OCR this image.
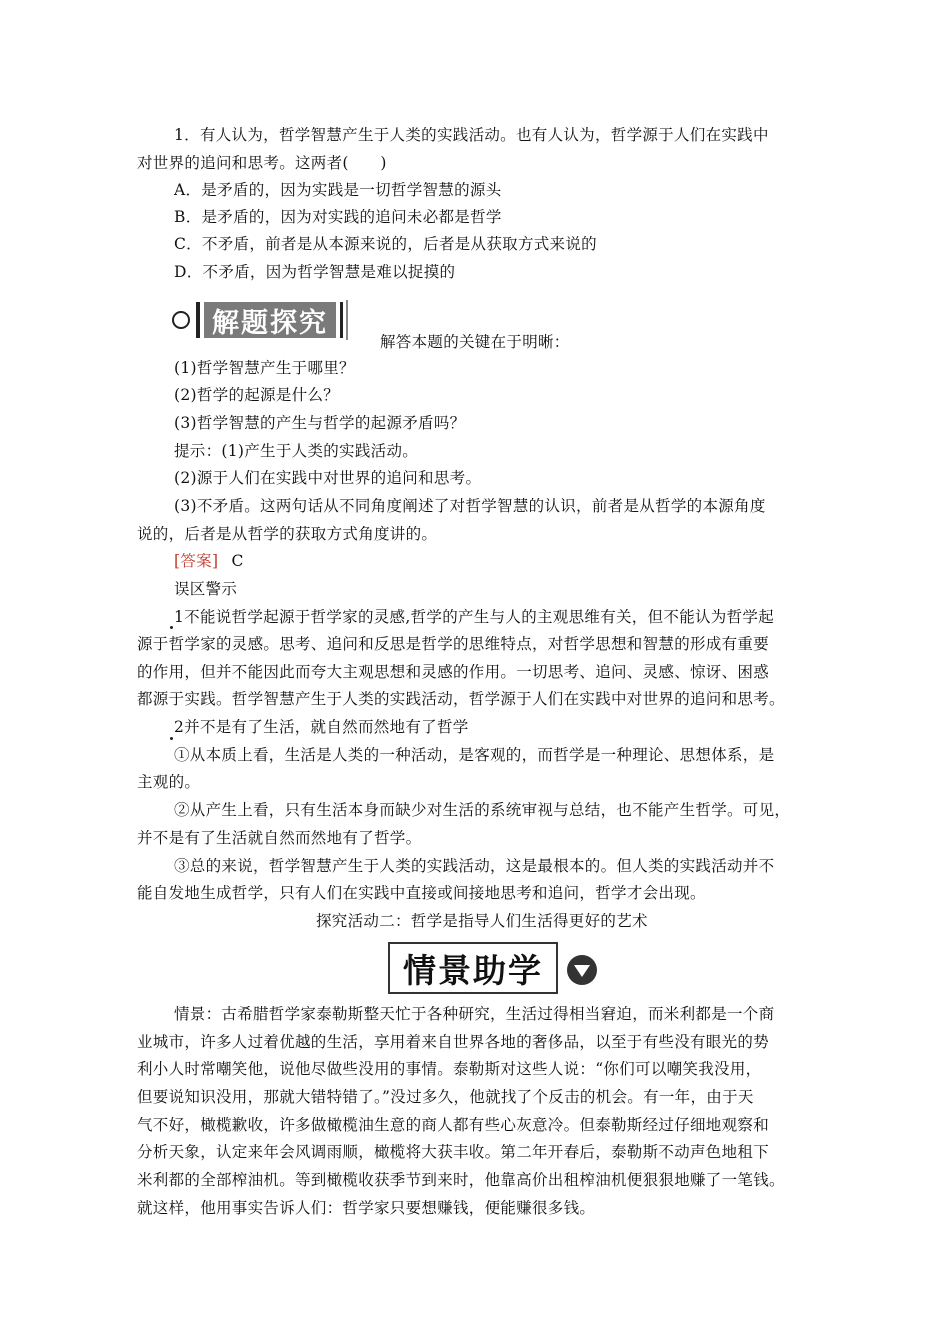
1．有人认为，哲学智慧产生于人类的实践活动。也有人认为，哲学源于人们在实践中
对世界的追问和思考。这两者(　　)
A．是矛盾的，因为实践是一切哲学智慧的源头
B．是矛盾的，因为对实践的追问未必都是哲学
C．不矛盾，前者是从本源来说的，后者是从获取方式来说的
D．不矛盾，因为哲学智慧是难以捉摸的
解题探究
解答本题的关键在于明晰：
(1)哲学智慧产生于哪里？
(2)哲学的起源是什么？
(3)哲学智慧的产生与哲学的起源矛盾吗？
提示：(1)产生于人类的实践活动。
(2)源于人们在实践中对世界的追问和思考。
(3)不矛盾。这两句话从不同角度阐述了对哲学智慧的认识，前者是从哲学的本源角度
说的，后者是从哲学的获取方式角度讲的。
[答案] C
误区警示
1不能说哲学起源于哲学家的灵感,哲学的产生与人的主观思维有关，但不能认为哲学起
源于哲学家的灵感。思考、追问和反思是哲学的思维特点，对哲学思想和智慧的形成有重要
的作用，但并不能因此而夸大主观思想和灵感的作用。一切思考、追问、灵感、惊讶、困惑
都源于实践。哲学智慧产生于人类的实践活动，哲学源于人们在实践中对世界的追问和思考。
2并不是有了生活，就自然而然地有了哲学
①从本质上看，生活是人类的一种活动，是客观的，而哲学是一种理论、思想体系，是
主观的。
②从产生上看，只有生活本身而缺少对生活的系统审视与总结，也不能产生哲学。可见，
并不是有了生活就自然而然地有了哲学。
③总的来说，哲学智慧产生于人类的实践活动，这是最根本的。但人类的实践活动并不
能自发地生成哲学，只有人们在实践中直接或间接地思考和追问，哲学才会出现。
探究活动二：哲学是指导人们生活得更好的艺术
情景助学
情景：古希腊哲学家泰勒斯整天忙于各种研究，生活过得相当窘迫，而米利都是一个商
业城市，许多人过着优越的生活，享用着来自世界各地的奢侈品，以至于有些没有眼光的势
利小人时常嘲笑他，说他尽做些没用的事情。泰勒斯对这些人说：“你们可以嘲笑我没用，
但要说知识没用，那就大错特错了。”没过多久，他就找了个反击的机会。有一年，由于天
气不好，橄榄歉收，许多做橄榄油生意的商人都有些心灰意冷。但泰勒斯经过仔细地观察和
分析天象，认定来年会风调雨顺，橄榄将大获丰收。第二年开春后，泰勒斯不动声色地租下
米利都的全部榨油机。等到橄榄收获季节到来时，他靠高价出租榨油机便狠狠地赚了一笔钱。
就这样，他用事实告诉人们：哲学家只要想赚钱，便能赚很多钱。
